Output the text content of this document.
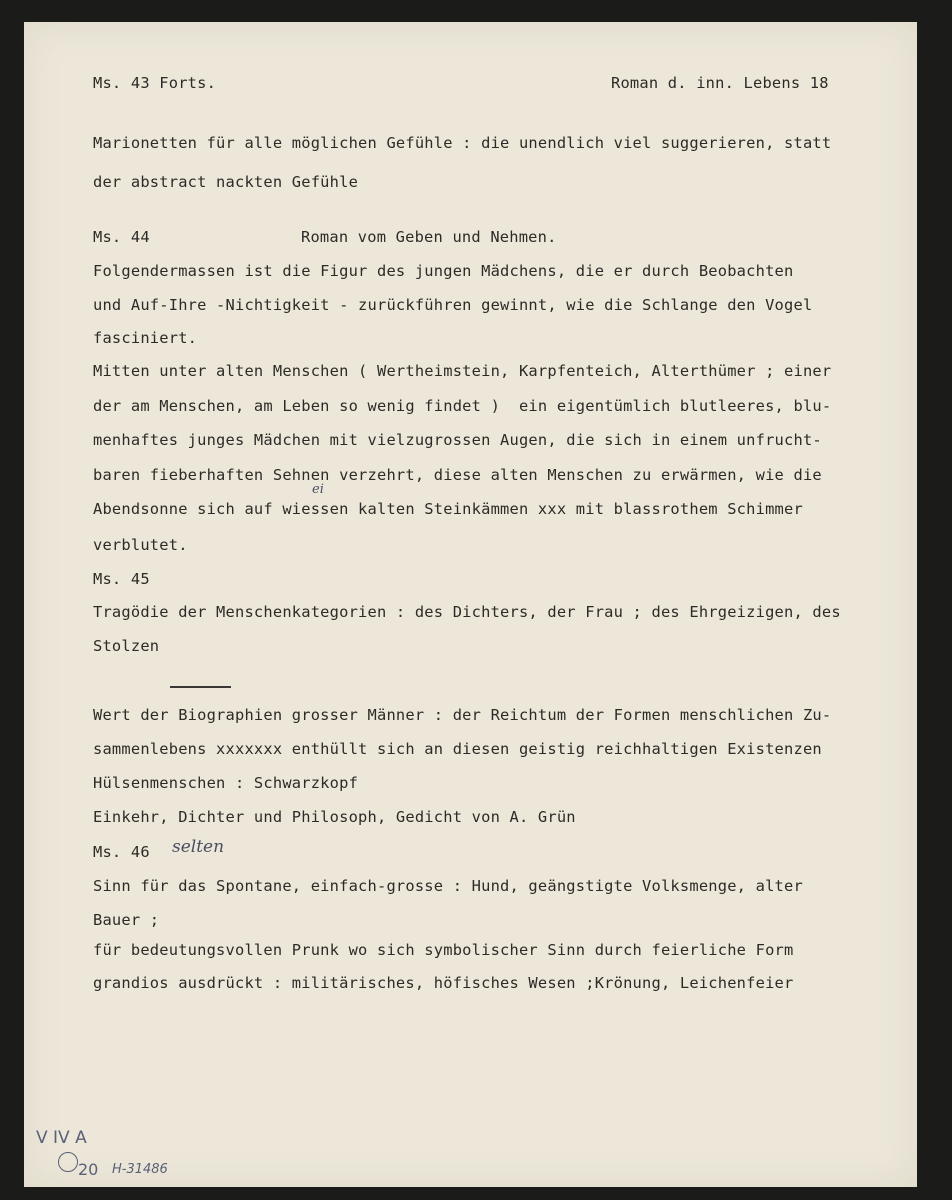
Ms. 43 Forts.	Roman d. inn. Lebens 18
Marionetten für alle möglichen Gefühle : die unendlich viel suggerieren, statt
der abstract nackten Gefühle
Ms. 44	Roman vom Geben und Nehmen.
Folgendermassen ist die Figur des jungen Mädchens, die er durch Beobachten
und Auf-Ihre -Nichtigkeit - zurückführen gewinnt, wie die Schlange den Vogel
fasciniert.
Mitten unter alten Menschen ( Wertheimstein, Karpfenteich, Alterthümer ; einer
der am Menschen, am Leben so wenig findet )  ein eigentümlich blutleeres, blu-
menhaftes junges Mädchen mit vielzugrossen Augen, die sich in einem unfrucht-
baren fieberhaften Sehnen verzehrt, diese alten Menschen zu erwärmen, wie die
ei
Abendsonne sich auf wiessen kalten Steinkämmen xxx mit blassrothem Schimmer
verblutet.
Ms. 45
Tragödie der Menschenkategorien : des Dichters, der Frau ; des Ehrgeizigen, des
Stolzen
Wert der Biographien grosser Männer : der Reichtum der Formen menschlichen Zu-
sammenlebens xxxxxxx enthüllt sich an diesen geistig reichhaltigen Existenzen
Hülsenmenschen : Schwarzkopf
Einkehr, Dichter und Philosoph, Gedicht von A. Grün
Ms. 46 selten
Sinn für das Spontane, einfach-grosse : Hund, geängstigte Volksmenge, alter
Bauer ;
für bedeutungsvollen Prunk wo sich symbolischer Sinn durch feierliche Form
grandios ausdrückt : militärisches, höfisches Wesen ;Krönung, Leichenfeier
V IV A
20 H-31486
